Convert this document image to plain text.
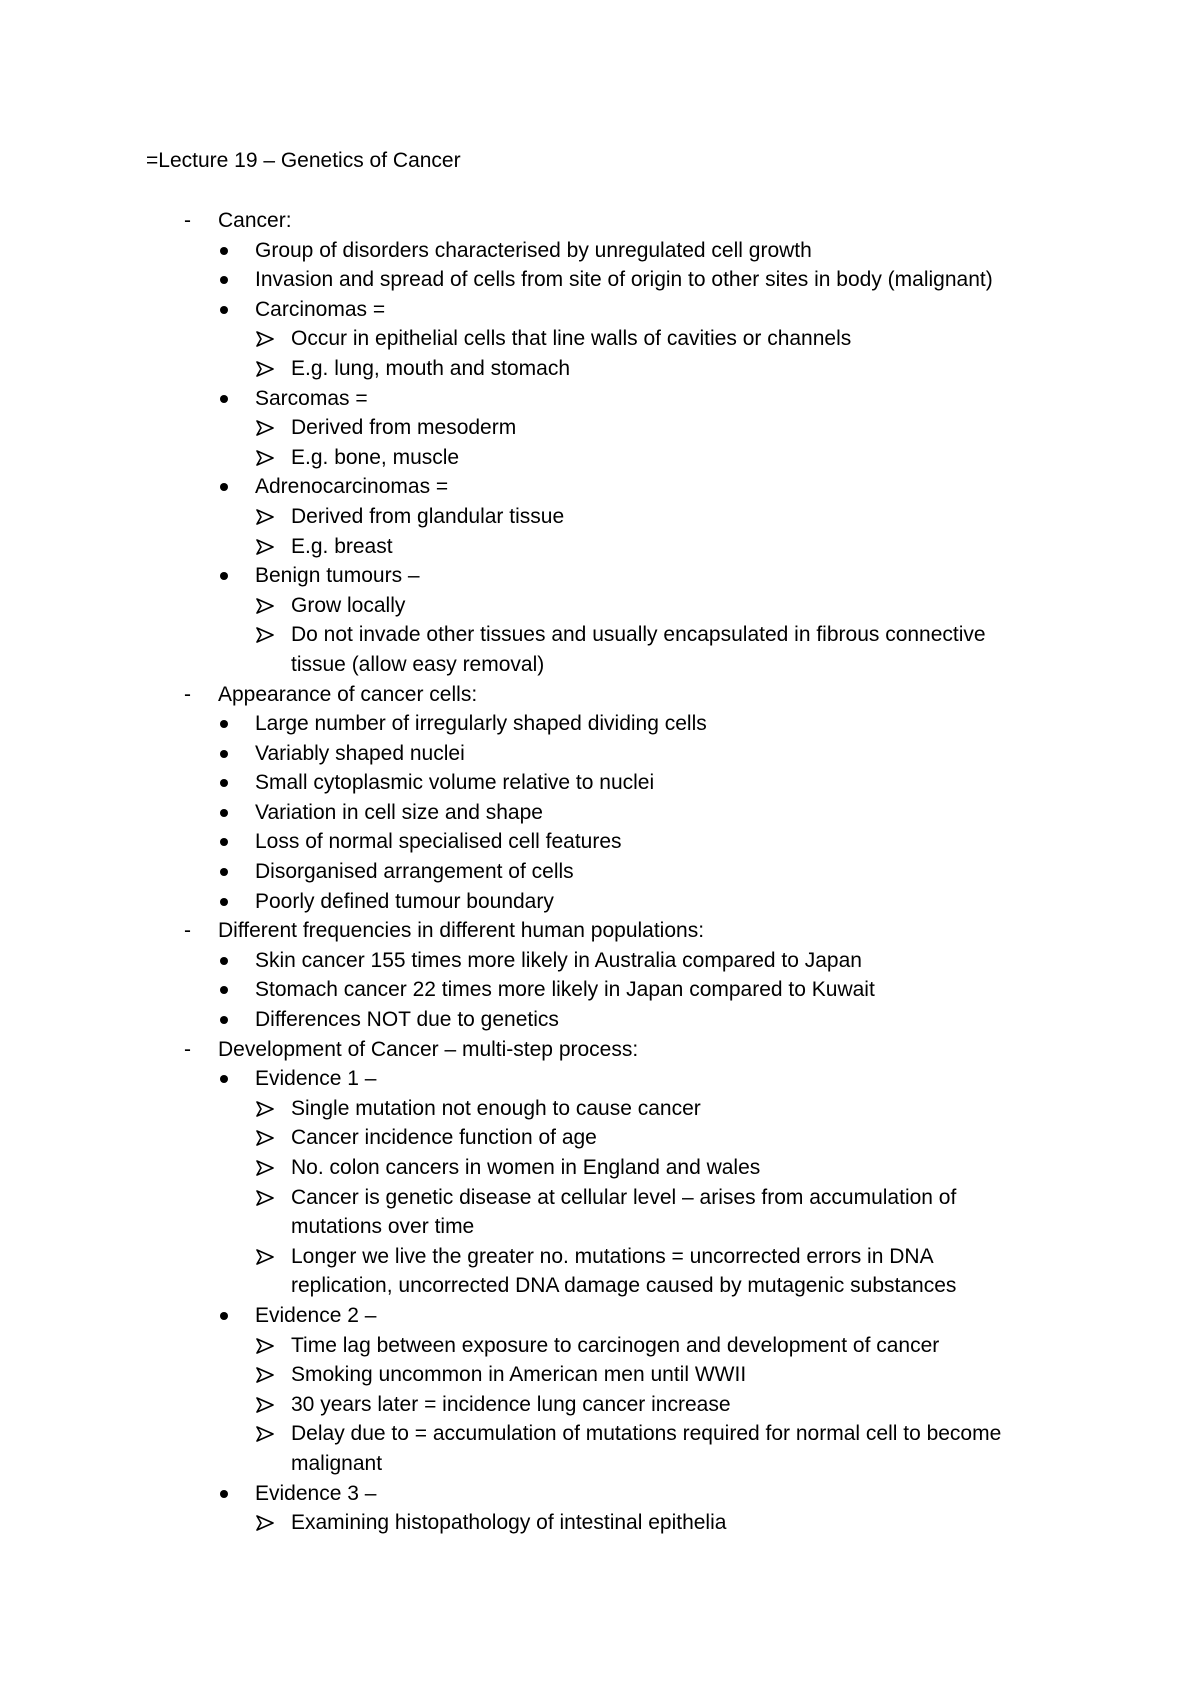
=Lecture 19 – Genetics of Cancer
- Cancer:
Group of disorders characterised by unregulated cell growth
Invasion and spread of cells from site of origin to other sites in body (malignant)
Carcinomas =
Occur in epithelial cells that line walls of cavities or channels
E.g. lung, mouth and stomach
Sarcomas =
Derived from mesoderm
E.g. bone, muscle
Adrenocarcinomas =
Derived from glandular tissue
E.g. breast
Benign tumours –
Grow locally
Do not invade other tissues and usually encapsulated in fibrous connective
tissue (allow easy removal)
- Appearance of cancer cells:
Large number of irregularly shaped dividing cells
Variably shaped nuclei
Small cytoplasmic volume relative to nuclei
Variation in cell size and shape
Loss of normal specialised cell features
Disorganised arrangement of cells
Poorly defined tumour boundary
- Different frequencies in different human populations:
Skin cancer 155 times more likely in Australia compared to Japan
Stomach cancer 22 times more likely in Japan compared to Kuwait
Differences NOT due to genetics
- Development of Cancer – multi-step process:
Evidence 1 –
Single mutation not enough to cause cancer
Cancer incidence function of age
No. colon cancers in women in England and wales
Cancer is genetic disease at cellular level – arises from accumulation of
mutations over time
Longer we live the greater no. mutations = uncorrected errors in DNA
replication, uncorrected DNA damage caused by mutagenic substances
Evidence 2 –
Time lag between exposure to carcinogen and development of cancer
Smoking uncommon in American men until WWII
30 years later = incidence lung cancer increase
Delay due to = accumulation of mutations required for normal cell to become
malignant
Evidence 3 –
Examining histopathology of intestinal epithelia
